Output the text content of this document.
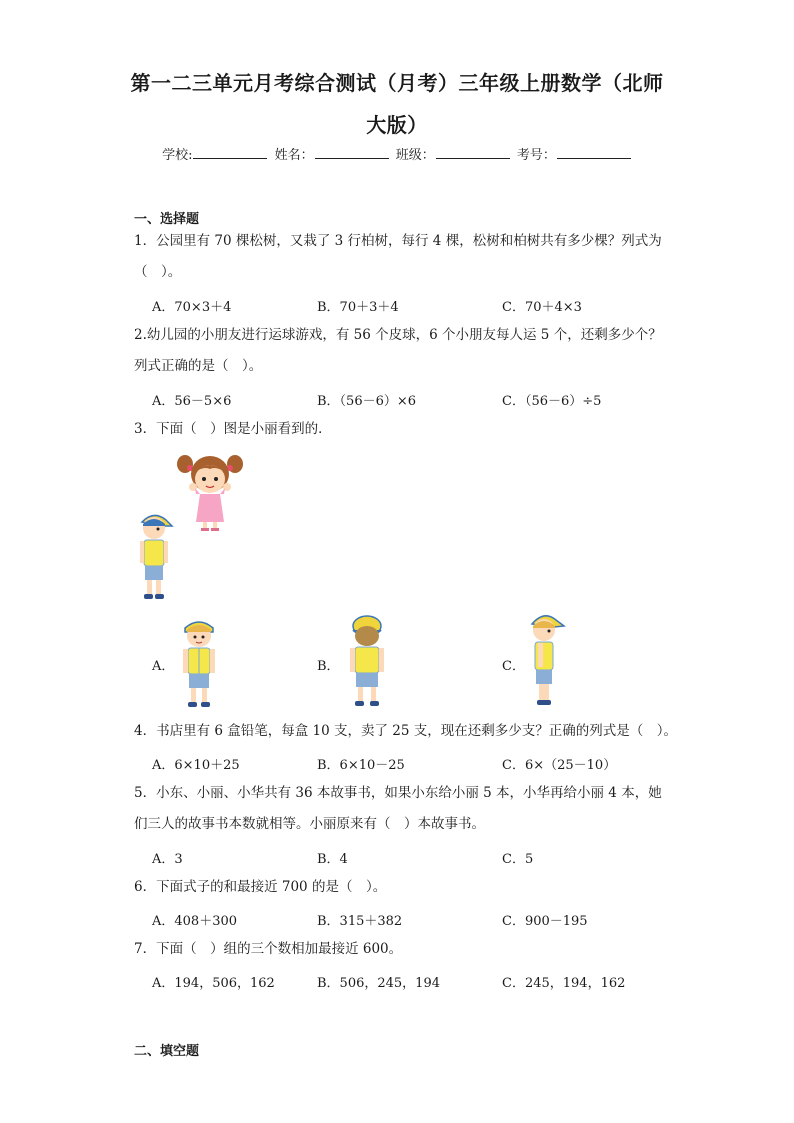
第一二三单元月考综合测试（月考）三年级上册数学（北师
大版）
学校:	姓名：	班级：	考号：
一、选择题
1．公园里有 70 棵松树，又栽了 3 行柏树，每行 4 棵，松树和柏树共有多少棵？列式为
（　）。
A．70×3＋4	B．70＋3＋4	C．70＋4×3
2.幼儿园的小朋友进行运球游戏，有 56 个皮球，6 个小朋友每人运 5 个，还剩多少个？
列式正确的是（　）。
A．56－5×6	B．（56－6）×6	C．（56－6）÷5
3．下面（　）图是小丽看到的．
A．	B．	C．
4．书店里有 6 盒铅笔，每盒 10 支，卖了 25 支，现在还剩多少支？正确的列式是（　）。
A．6×10＋25	B．6×10－25	C．6×（25－10）
5．小东、小丽、小华共有 36 本故事书，如果小东给小丽 5 本，小华再给小丽 4 本，她
们三人的故事书本数就相等。小丽原来有（　）本故事书。
A．3	B．4	C．5
6．下面式子的和最接近 700 的是（　）。
A．408＋300	B．315＋382	C．900－195
7．下面（　）组的三个数相加最接近 600。
A．194，506，162	B．506，245，194	C．245，194，162
二、填空题
